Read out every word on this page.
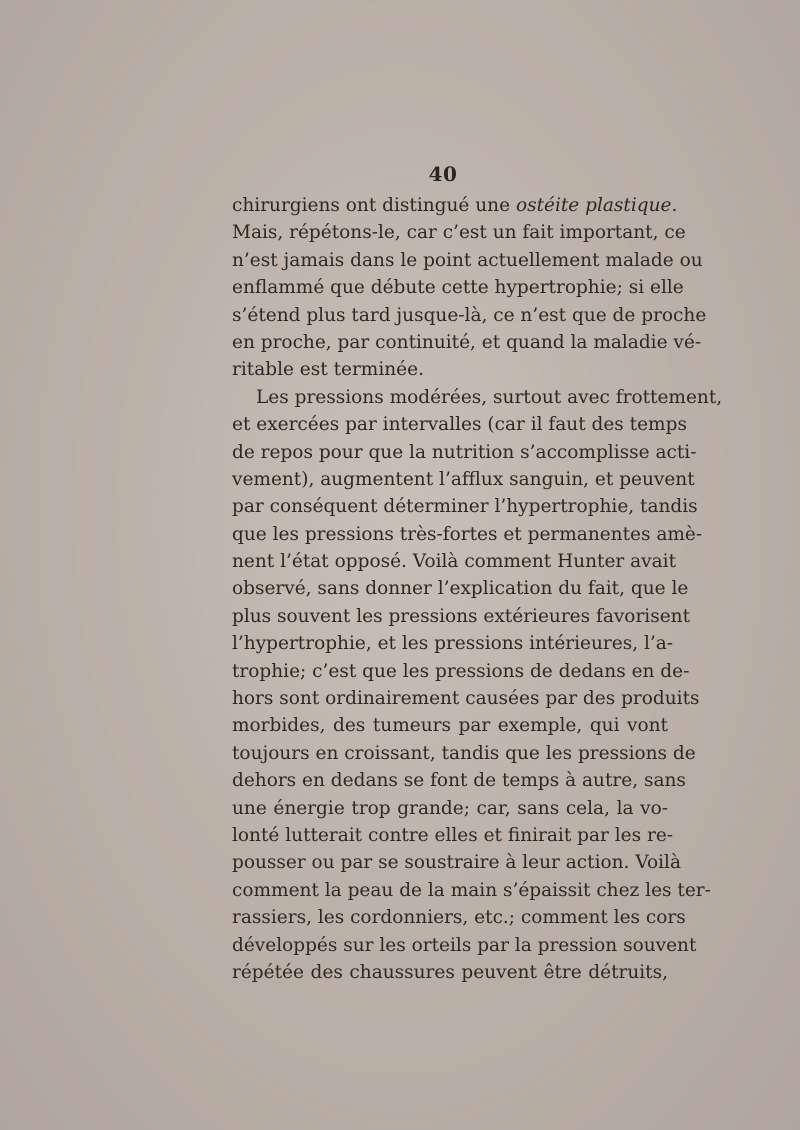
40
chirurgiens ont distingué une ostéite plastique.
Mais, répétons-le, car c’est un fait important, ce
n’est jamais dans le point actuellement malade ou
enflammé que débute cette hypertrophie; si elle
s’étend plus tard jusque-là, ce n’est que de proche
en proche, par continuité, et quand la maladie vé-
ritable est terminée.
Les pressions modérées, surtout avec frottement,
et exercées par intervalles (car il faut des temps
de repos pour que la nutrition s’accomplisse acti-
vement), augmentent l’afflux sanguin, et peuvent
par conséquent déterminer l’hypertrophie, tandis
que les pressions très-fortes et permanentes amè-
nent l’état opposé. Voilà comment Hunter avait
observé, sans donner l’explication du fait, que le
plus souvent les pressions extérieures favorisent
l’hypertrophie, et les pressions intérieures, l’a-
trophie; c’est que les pressions de dedans en de-
hors sont ordinairement causées par des produits
morbides, des tumeurs par exemple, qui vont
toujours en croissant, tandis que les pressions de
dehors en dedans se font de temps à autre, sans
une énergie trop grande; car, sans cela, la vo-
lonté lutterait contre elles et finirait par les re-
pousser ou par se soustraire à leur action. Voilà
comment la peau de la main s’épaissit chez les ter-
rassiers, les cordonniers, etc.; comment les cors
développés sur les orteils par la pression souvent
répétée des chaussures peuvent être détruits,
